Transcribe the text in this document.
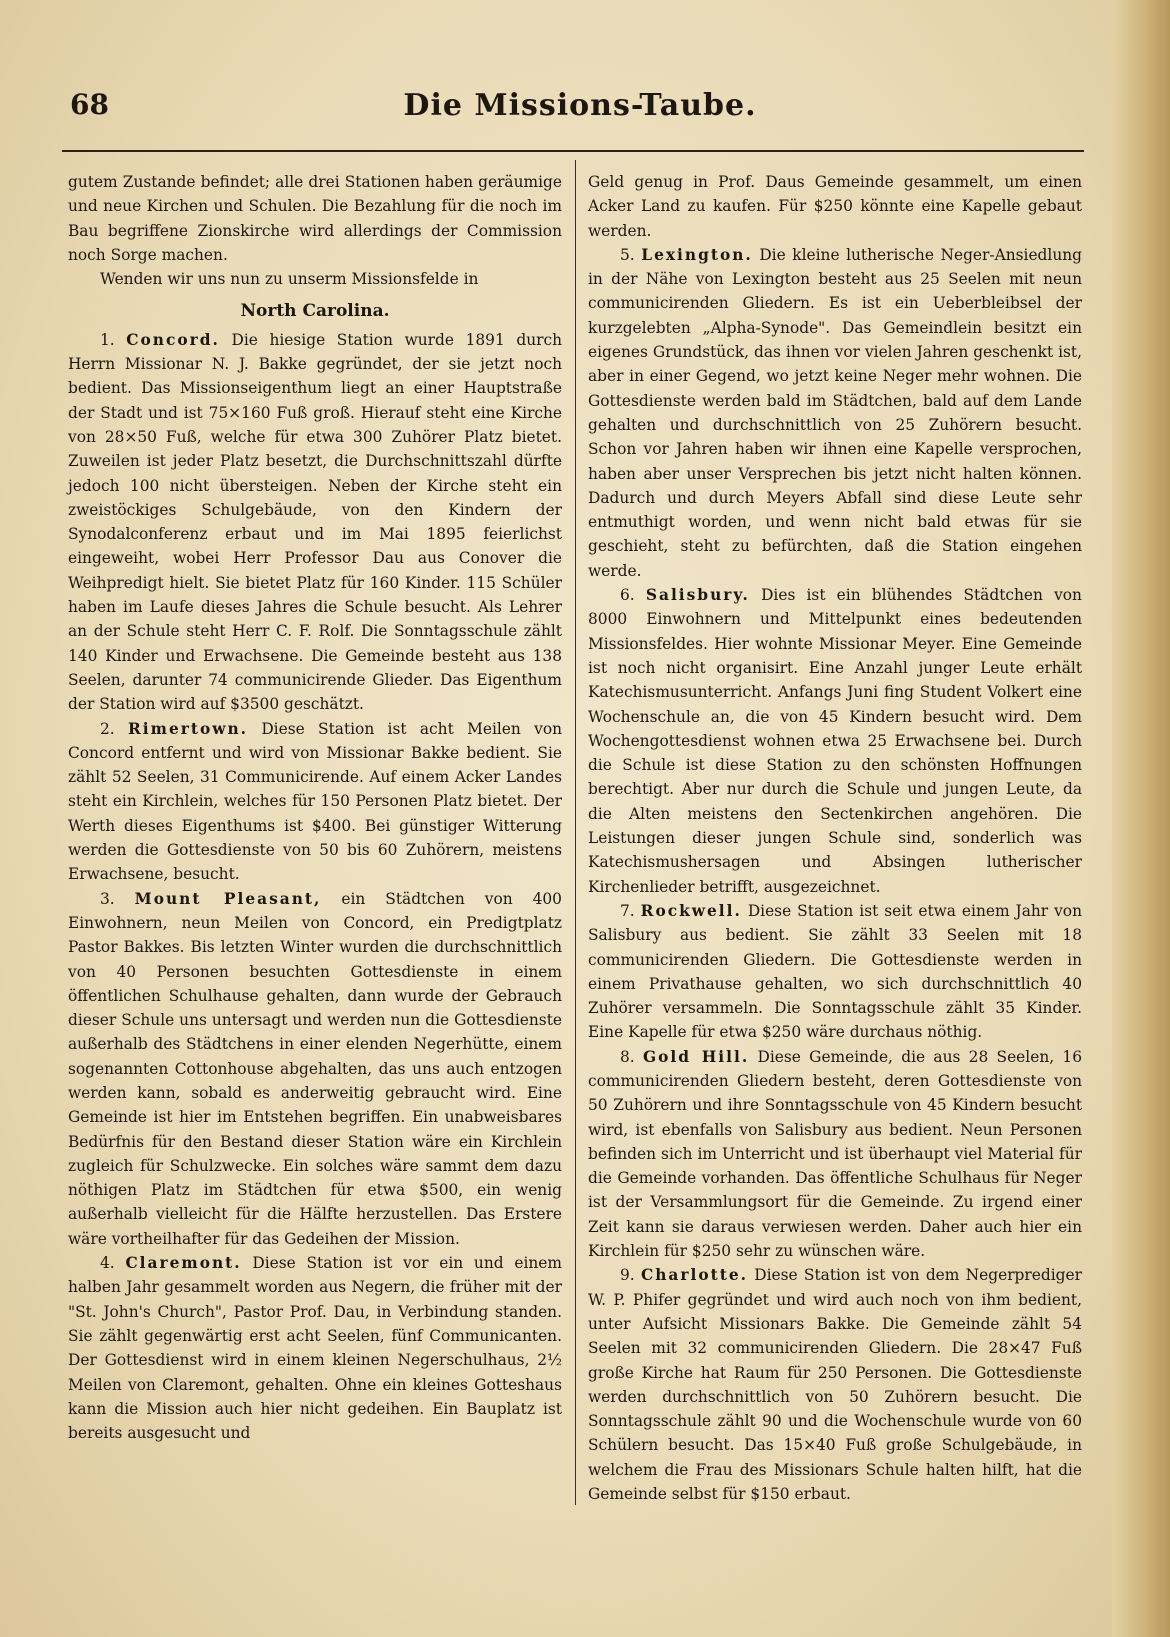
68	Die Missions-Taube.

gutem Zustande befindet; alle drei Stationen haben geräumige und neue Kirchen und Schulen. Die Bezahlung für die noch im Bau begriffene Zionskirche wird allerdings der Commission noch Sorge machen.

Wenden wir uns nun zu unserm Missionsfelde in

North Carolina.

1. Concord. Die hiesige Station wurde 1891 durch Herrn Missionar N. J. Bakke gegründet, der sie jetzt noch bedient. Das Missionseigenthum liegt an einer Hauptstraße der Stadt und ist 75×160 Fuß groß. Hierauf steht eine Kirche von 28×50 Fuß, welche für etwa 300 Zuhörer Platz bietet. Zuweilen ist jeder Platz besetzt, die Durchschnittszahl dürfte jedoch 100 nicht übersteigen. Neben der Kirche steht ein zweistöckiges Schulgebäude, von den Kindern der Synodalconferenz erbaut und im Mai 1895 feierlichst eingeweiht, wobei Herr Professor Dau aus Conover die Weihpredigt hielt. Sie bietet Platz für 160 Kinder. 115 Schüler haben im Laufe dieses Jahres die Schule besucht. Als Lehrer an der Schule steht Herr C. F. Rolf. Die Sonntagsschule zählt 140 Kinder und Erwachsene. Die Gemeinde besteht aus 138 Seelen, darunter 74 communicirende Glieder. Das Eigenthum der Station wird auf $3500 geschätzt.

2. Rimertown. Diese Station ist acht Meilen von Concord entfernt und wird von Missionar Bakke bedient. Sie zählt 52 Seelen, 31 Communicirende. Auf einem Acker Landes steht ein Kirchlein, welches für 150 Personen Platz bietet. Der Werth dieses Eigenthums ist $400. Bei günstiger Witterung werden die Gottesdienste von 50 bis 60 Zuhörern, meistens Erwachsene, besucht.

3. Mount Pleasant, ein Städtchen von 400 Einwohnern, neun Meilen von Concord, ein Predigtplatz Pastor Bakkes. Bis letzten Winter wurden die durchschnittlich von 40 Personen besuchten Gottesdienste in einem öffentlichen Schulhause gehalten, dann wurde der Gebrauch dieser Schule uns untersagt und werden nun die Gottesdienste außerhalb des Städtchens in einer elenden Negerhütte, einem sogenannten Cottonhouse abgehalten, das uns auch entzogen werden kann, sobald es anderweitig gebraucht wird. Eine Gemeinde ist hier im Entstehen begriffen. Ein unabweisbares Bedürfnis für den Bestand dieser Station wäre ein Kirchlein zugleich für Schulzwecke. Ein solches wäre sammt dem dazu nöthigen Platz im Städtchen für etwa $500, ein wenig außerhalb vielleicht für die Hälfte herzustellen. Das Erstere wäre vortheilhafter für das Gedeihen der Mission.

4. Claremont. Diese Station ist vor ein und einem halben Jahr gesammelt worden aus Negern, die früher mit der "St. John's Church", Pastor Prof. Dau, in Verbindung standen. Sie zählt gegenwärtig erst acht Seelen, fünf Communicanten. Der Gottesdienst wird in einem kleinen Negerschulhaus, 2½ Meilen von Claremont, gehalten. Ohne ein kleines Gotteshaus kann die Mission auch hier nicht gedeihen. Ein Bauplatz ist bereits ausgesucht und

Geld genug in Prof. Daus Gemeinde gesammelt, um einen Acker Land zu kaufen. Für $250 könnte eine Kapelle gebaut werden.

5. Lexington. Die kleine lutherische Neger-Ansiedlung in der Nähe von Lexington besteht aus 25 Seelen mit neun communicirenden Gliedern. Es ist ein Ueberbleibsel der kurzgelebten „Alpha-Synode". Das Gemeindlein besitzt ein eigenes Grundstück, das ihnen vor vielen Jahren geschenkt ist, aber in einer Gegend, wo jetzt keine Neger mehr wohnen. Die Gottesdienste werden bald im Städtchen, bald auf dem Lande gehalten und durchschnittlich von 25 Zuhörern besucht. Schon vor Jahren haben wir ihnen eine Kapelle versprochen, haben aber unser Versprechen bis jetzt nicht halten können. Dadurch und durch Meyers Abfall sind diese Leute sehr entmuthigt worden, und wenn nicht bald etwas für sie geschieht, steht zu befürchten, daß die Station eingehen werde.

6. Salisbury. Dies ist ein blühendes Städtchen von 8000 Einwohnern und Mittelpunkt eines bedeutenden Missionsfeldes. Hier wohnte Missionar Meyer. Eine Gemeinde ist noch nicht organisirt. Eine Anzahl junger Leute erhält Katechismusunterricht. Anfangs Juni fing Student Volkert eine Wochenschule an, die von 45 Kindern besucht wird. Dem Wochengottesdienst wohnen etwa 25 Erwachsene bei. Durch die Schule ist diese Station zu den schönsten Hoffnungen berechtigt. Aber nur durch die Schule und jungen Leute, da die Alten meistens den Sectenkirchen angehören. Die Leistungen dieser jungen Schule sind, sonderlich was Katechismushersagen und Absingen lutherischer Kirchenlieder betrifft, ausgezeichnet.

7. Rockwell. Diese Station ist seit etwa einem Jahr von Salisbury aus bedient. Sie zählt 33 Seelen mit 18 communicirenden Gliedern. Die Gottesdienste werden in einem Privathause gehalten, wo sich durchschnittlich 40 Zuhörer versammeln. Die Sonntagsschule zählt 35 Kinder. Eine Kapelle für etwa $250 wäre durchaus nöthig.

8. Gold Hill. Diese Gemeinde, die aus 28 Seelen, 16 communicirenden Gliedern besteht, deren Gottesdienste von 50 Zuhörern und ihre Sonntagsschule von 45 Kindern besucht wird, ist ebenfalls von Salisbury aus bedient. Neun Personen befinden sich im Unterricht und ist überhaupt viel Material für die Gemeinde vorhanden. Das öffentliche Schulhaus für Neger ist der Versammlungsort für die Gemeinde. Zu irgend einer Zeit kann sie daraus verwiesen werden. Daher auch hier ein Kirchlein für $250 sehr zu wünschen wäre.

9. Charlotte. Diese Station ist von dem Negerprediger W. P. Phifer gegründet und wird auch noch von ihm bedient, unter Aufsicht Missionars Bakke. Die Gemeinde zählt 54 Seelen mit 32 communicirenden Gliedern. Die 28×47 Fuß große Kirche hat Raum für 250 Personen. Die Gottesdienste werden durchschnittlich von 50 Zuhörern besucht. Die Sonntagsschule zählt 90 und die Wochenschule wurde von 60 Schülern besucht. Das 15×40 Fuß große Schulgebäude, in welchem die Frau des Missionars Schule halten hilft, hat die Gemeinde selbst für $150 erbaut.
